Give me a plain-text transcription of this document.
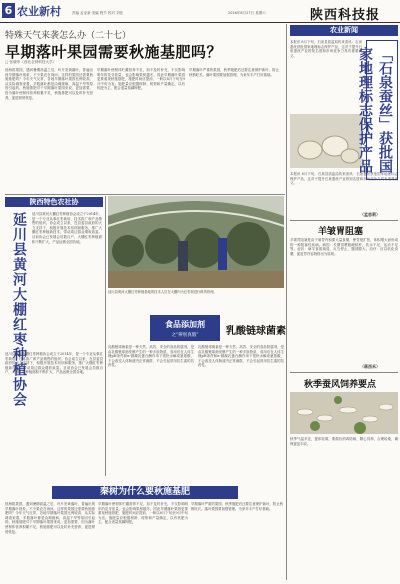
6 农业新村	责编 孟亚新 美编 程节 校对 刘佳	2016年8月27日 星期六	陕西科技报
特殊天气来袭怎么办（二十七）
早期落叶果园需要秋施基肥吗？
□ 张晓华（西北农林科技大学）
低海拔果园，遇到暑期高温之后，叶片发黄落叶，普遍出现早期落叶现象，不少果农在询问。这样的果园还需要秋施基肥吗？今年天气反常，各地早期落叶果园比例较高，从实际调查来看，多数落叶都是由褐斑病、高温干旱等原因引起的。秋施基肥对于早期落叶果园来说，更加需要，因为落叶使树体营养积累不足，秋施基肥可以及时补充营养，促进树势恢复。
早期落叶使树体贮藏营养不足，如不及时补充，不仅影响明年的花芽质量，也会影响果树越冬。因此早期落叶果园更要重视秋施基肥，施肥时间应提前，一般以8月下旬至9月中旬为宜。施肥量应根据树龄、树势和产量确定，以有机肥为主，配合适量氮磷钾肥。
早期落叶严重的果园，秋季施肥后还要注意保护新叶，防止秋梢旺长。落叶果园要加强管理，为来年丰产打好基础。
陕西特色农社协
延川县黄河大棚红枣种植协会 延川县黄河大棚红枣种植协会成立于2014年，是一个专业从事红枣栽培、技术推广和产品销售的组织。协会成立以来，在县委县政府的大力支持下，积极开展技术培训和服务，推广大棚红枣种植新技术，带动周边群众增收致富。目前协会已发展会员数百户，大棚红枣种植面积不断扩大，产品远销全国各地。
延川县黄河大棚红枣种植协会成立于2014年，是一个专业从事红枣栽培、技术推广和产品销售的组织。协会成立以来，在县委县政府的大力支持下，积极开展技术培训和服务，推广大棚红枣种植新技术，带动周边群众增收致富。目前协会已发展会员数百户，大棚红枣种植面积不断扩大，产品远销全国各地。
延川县黄河大棚红枣种植基地的技术人员在大棚内为红枣树进行修剪管理。
食品添加剂
之“辨别真假”	乳酸链球菌素
乳酸链球菌素是一种天然、高效、安全的食品防腐剂，是由乳酸链球菌发酵产生的一种多肽物质，食用后在人体生理pH条件和α-胰凝乳蛋白酶作用下很快水解成氨基酸，不会改变人体肠道内正常菌群，不会引起常用抗生素的抗药性。
乳酸链球菌素是一种天然、高效、安全的食品防腐剂，是由乳酸链球菌发酵产生的一种多肽物质，食用后在人体生理pH条件和α-胰凝乳蛋白酶作用下很快水解成氨基酸，不会改变人体肠道内正常菌群，不会引起常用抗生素的抗药性。
秦树为什么要秋施基肥
低海拔果园，遇到暑期高温之后，叶片发黄落叶，普遍出现早期落叶现象，不少果农在询问。这样的果园还需要秋施基肥吗？今年天气反常，各地早期落叶果园比例较高，从实际调查来看，多数落叶都是由褐斑病、高温干旱等原因引起的。秋施基肥对于早期落叶果园来说，更加需要，因为落叶使树体营养积累不足，秋施基肥可以及时补充营养，促进树势恢复。
早期落叶使树体贮藏营养不足，如不及时补充，不仅影响明年的花芽质量，也会影响果树越冬。因此早期落叶果园更要重视秋施基肥，施肥时间应提前，一般以8月下旬至9月中旬为宜。施肥量应根据树龄、树势和产量确定，以有机肥为主，配合适量氮磷钾肥。
早期落叶严重的果园，秋季施肥后还要注意保护新叶，防止秋梢旺长。落叶果园要加强管理，为来年丰产打好基础。
农业新闻
本报讯 8月下旬，石泉县质监局传来喜讯：石泉蚕丝获批国家地理标志保护产品，这对于提升石泉蚕丝产业的知名度和市场竞争力具有重要意义。	「石泉蚕丝」获批国家地理标志保护产品
本报讯 8月下旬，石泉县质监局传来喜讯：石泉蚕丝获批国家地理标志保护产品，这对于提升石泉蚕丝产业的知名度和市场竞争力具有重要意义。
（孟思莉）
羊皱胃阻塞
羊皱胃阻塞是由于皱胃内积滞大量食糜，使胃壁扩张，体积增大而形成的一种阻塞性疾病。病因：长期饲喂粗硬秸秆，饮水不足，运动不足等。症状：病羊食欲减退，反刍停止，腹部膨大。治疗：应以软化食糜，促进胃内容物排出为原则。
（蒋西禾）
秋季蚕风饲养要点
秋季气温多变，蚕体较弱，要做好消毒防病、精心饲养、合理给桑，确保蚕茧丰收。
